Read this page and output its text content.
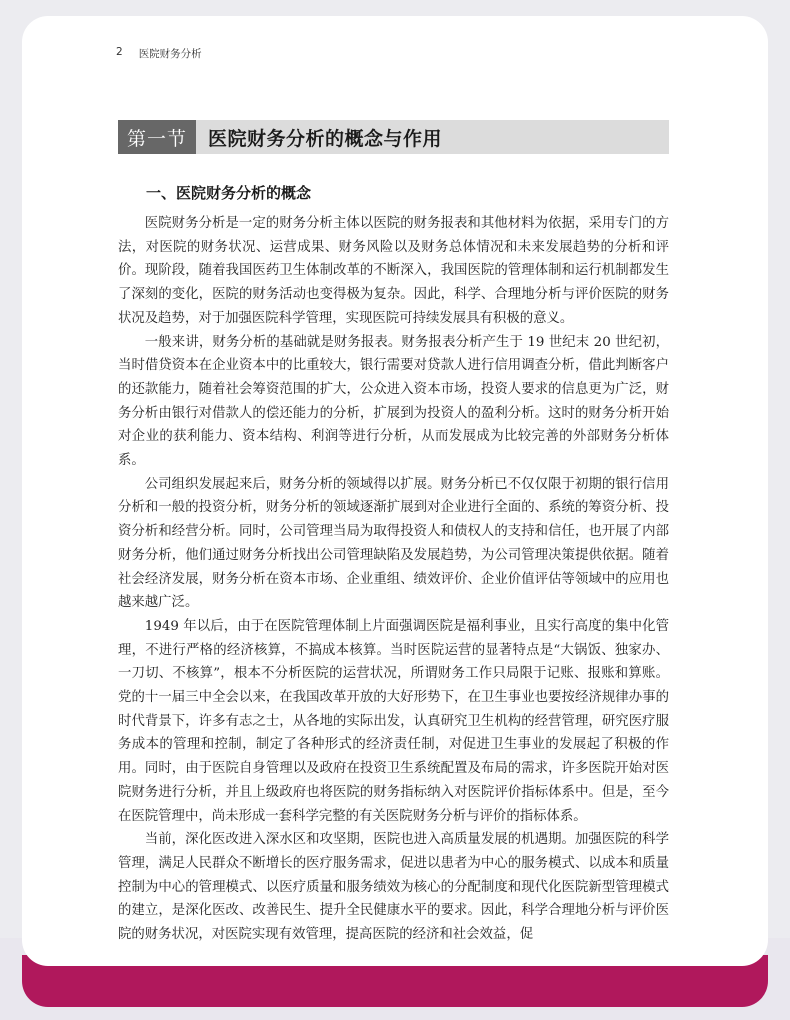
2 医院财务分析
第一节	医院财务分析的概念与作用
一、医院财务分析的概念

医院财务分析是一定的财务分析主体以医院的财务报表和其他材料为依据，采用专门的方法，对医院的财务状况、运营成果、财务风险以及财务总体情况和未来发展趋势的分析和评价。现阶段，随着我国医药卫生体制改革的不断深入，我国医院的管理体制和运行机制都发生了深刻的变化，医院的财务活动也变得极为复杂。因此，科学、合理地分析与评价医院的财务状况及趋势，对于加强医院科学管理，实现医院可持续发展具有积极的意义。

一般来讲，财务分析的基础就是财务报表。财务报表分析产生于 19 世纪末 20 世纪初，当时借贷资本在企业资本中的比重较大，银行需要对贷款人进行信用调查分析，借此判断客户的还款能力，随着社会筹资范围的扩大，公众进入资本市场，投资人要求的信息更为广泛，财务分析由银行对借款人的偿还能力的分析，扩展到为投资人的盈利分析。这时的财务分析开始对企业的获利能力、资本结构、利润等进行分析，从而发展成为比较完善的外部财务分析体系。

公司组织发展起来后，财务分析的领域得以扩展。财务分析已不仅仅限于初期的银行信用分析和一般的投资分析，财务分析的领域逐渐扩展到对企业进行全面的、系统的筹资分析、投资分析和经营分析。同时，公司管理当局为取得投资人和债权人的支持和信任，也开展了内部财务分析，他们通过财务分析找出公司管理缺陷及发展趋势，为公司管理决策提供依据。随着社会经济发展，财务分析在资本市场、企业重组、绩效评价、企业价值评估等领域中的应用也越来越广泛。

1949 年以后，由于在医院管理体制上片面强调医院是福利事业，且实行高度的集中化管理，不进行严格的经济核算，不搞成本核算。当时医院运营的显著特点是“大锅饭、独家办、一刀切、不核算”，根本不分析医院的运营状况，所谓财务工作只局限于记账、报账和算账。党的十一届三中全会以来，在我国改革开放的大好形势下，在卫生事业也要按经济规律办事的时代背景下，许多有志之士，从各地的实际出发，认真研究卫生机构的经营管理，研究医疗服务成本的管理和控制，制定了各种形式的经济责任制，对促进卫生事业的发展起了积极的作用。同时，由于医院自身管理以及政府在投资卫生系统配置及布局的需求，许多医院开始对医院财务进行分析，并且上级政府也将医院的财务指标纳入对医院评价指标体系中。但是，至今在医院管理中，尚未形成一套科学完整的有关医院财务分析与评价的指标体系。

当前，深化医改进入深水区和攻坚期，医院也进入高质量发展的机遇期。加强医院的科学管理，满足人民群众不断增长的医疗服务需求，促进以患者为中心的服务模式、以成本和质量控制为中心的管理模式、以医疗质量和服务绩效为核心的分配制度和现代化医院新型管理模式的建立，是深化医改、改善民生、提升全民健康水平的要求。因此，科学合理地分析与评价医院的财务状况，对医院实现有效管理，提高医院的经济和社会效益，促
